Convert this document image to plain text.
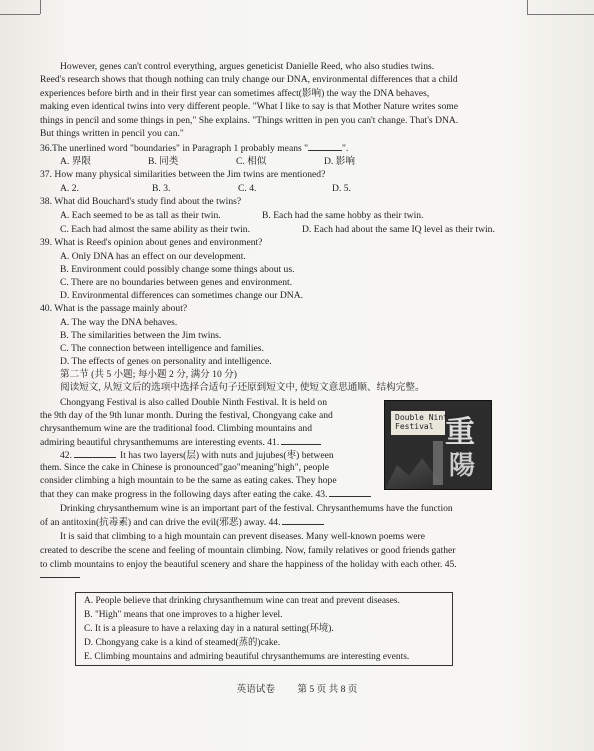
However, genes can't control everything, argues geneticist Danielle Reed, who also studies twins.
Reed's research shows that though nothing can truly change our DNA, environmental differences that a child
experiences before birth and in their first year can sometimes affect(影响) the way the DNA behaves,
making even identical twins into very different people. "What I like to say is that Mother Nature writes some
things in pencil and some things in pen," She explains. "Things written in pen you can't change. That's DNA.
But things written in pencil you can."
36.The unerlined word "boundaries" in Paragraph 1 probably means "	".
A. 界限	B. 同类	C. 相似	D. 影响
37. How many physical similarities between the Jim twins are mentioned?
A. 2.	B. 3.	C. 4.	D. 5.
38. What did Bouchard's study find about the twins?
A. Each seemed to be as tall as their twin.	B. Each had the same hobby as their twin.
C. Each had almost the same ability as their twin.	D. Each had about the same IQ level as their twin.
39. What is Reed's opinion about genes and environment?
A. Only DNA has an effect on our development.
B. Environment could possibly change some things about us.
C. There are no boundaries between genes and environment.
D. Environmental differences can sometimes change our DNA.
40. What is the passage mainly about?
A. The way the DNA behaves.
B. The similarities between the Jim twins.
C. The connection between intelligence and families.
D. The effects of genes on personality and intelligence.
第二节 (共 5 小题; 每小题 2 分, 满分 10 分)
阅读短文, 从短文后的选项中选择合适句子还原到短文中, 使短文意思通顺、结构完整。
Chongyang Festival is also called Double Ninth Festival. It is held on
the 9th day of the 9th lunar month. During the festival, Chongyang cake and
chrysanthemum wine are the traditional food. Climbing mountains and
admiring beautiful chrysanthemums are interesting events. 41.
42.	It has two layers(层) with nuts and jujubes(枣) between
them. Since the cake in Chinese is pronounced"gao"meaning"high", people
consider climbing a high mountain to be the same as eating cakes. They hope
that they can make progress in the following days after eating the cake. 43.
Double Ninth
Festival 重
陽
Drinking chrysanthemum wine is an important part of the festival. Chrysanthemums have the function
of an antitoxin(抗毒素) and can drive the evil(邪恶) away. 44.
It is said that climbing to a high mountain can prevent diseases. Many well-known poems were
created to describe the scene and feeling of mountain climbing. Now, family relatives or good friends gather
to climb mountains to enjoy the beautiful scenery and share the happiness of the holiday with each other. 45.
A. People believe that drinking chrysanthemum wine can treat and prevent diseases.
B. "High" means that one improves to a higher level.
C. It is a pleasure to have a relaxing day in a natural setting(环境).
D. Chongyang cake is a kind of steamed(蒸的)cake.
E. Climbing mountains and admiring beautiful chrysanthemums are interesting events.
英语试卷 第 5 页 共 8 页
